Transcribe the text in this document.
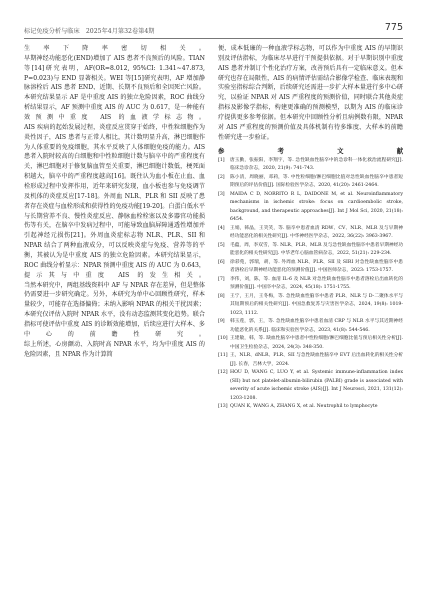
标记免疫分析与临床　2025年4月第32卷第4期	775

生率下降率密切相关。

早期神经功能恶化(END)增加了 AIS 患者不良预后的风险。TIAN 等[14]研究表明，AF(OR=8.012, 95%CI: 1.341~47.873, P=0.023)与 END 显著相关。WEI 等[15]研究表明，AF 增加静脉溶栓后 AIS 患者 END、近期、长期不良预后和全因死亡风险。本研究结果显示 AF 是中重度 AIS 的独立危险因素，ROC 曲线分析结果显示，AF 预测中重度 AIS 的 AUC 为 0.617，是一种能有效预测中重度 AIS 的血液学标志物。

AIS 疾病的起始发展过程，炎症反应贯穿于始终，中性粒细胞作为炎性因子，AIS 患者与正常人相比，其计数明显升高，淋巴细胞作为人体重要的免疫细胞，其水平反映了人体细胞免疫的能力。AIS 患者入院时较高的白细胞和中性粒细胞计数与脑卒中的严重程度有关，淋巴细胞对于修复脑血管至关重要，淋巴细胞计数低，梗死面积越大，脑卒中的严重程度越高[16]。既往认为血小板在止血、血栓形成过程中发挥作用，近年来研究发现，血小板也参与免疫调节及机体的炎症反应[17-18]。外周血 NLR、PLR 和 SII 反映了患者存在炎症与血栓形成和获得性的免疫功能[19-20]。白蛋白低水平与长期营养不良、慢性炎症反应、静脉血栓栓塞以及多器官功能损伤等有关，在脑卒中发病过程中，可能导致血脑屏障通透性增加并引起神经元损伤[21]。外周血炎症标志物 NLR、PLR、SII 和 NPAR 结合了两种血液成分，可以反映炎症与免疫、营养等的平衡，其被认为是中重度 AIS 的独立危险因素。本研究结果显示，ROC 曲线分析显示：NPAR 预测中重度 AIS 的 AUC 为 0.643，提示其与中重度 AIS 的发生相关。

当然本研究中，两组基线资料中 AF 与 NPAR 存在差异，但是整体仍需要进一步研究确定。另外，本研究为单中心回顾性研究，样本量较少，可能存在选择偏倚；未纳入影响 NPAR 的相关干扰因素；本研究仅评估入院时 NPAR 水平，没有动态监测其变化趋势。联合指标可使评估中重度 AIS 的诊断效能增加，后续应进行大样本、多中心的前瞻性研究。

综上所述，心房颤动、入院时高 NPAR 水平，均为中重度 AIS 的危险因素，且 NPAR 作为计算简

便、成本低廉的一种血液学标志物，可以作为中重度 AIS 的早期识别及评估指标，为临床尽早进行干预提供依据。对于早期识别中重度 AIS 患者并制订个性化治疗方案，改善预后具有一定临床意义。但本研究也存在局限性，AIS 的病情评估需结合影像学检查、临床表现和实验室指标综合判断，后续研究还需进一步扩大样本量进行多中心研究，以验证 NPAR 对 AIS 严重程度的预测价值，同时联合其他炎症指标及影像学指标，构建更准确的预测模型，以期为 AIS 的临床诊疗提供更多参考依据。但本研究中回顾性分析且病例数有限，NPAR 对 AIS 严重程度的预测价值及具体机制有待多维度、大样本的前瞻性研究进一步验证。

参考文献
[1]	唐玉勤，张振阳，李翔宇，等. 急性缺血性脑卒中的急诊科一体化救治流程研究[J]. 临床急诊杂志，2020, 21(9): 741-743.
[2]	陈小清，周晓丽，邓莉，等. 中性粒细胞/淋巴细胞比值对急性缺血性脑卒中患者短期预后的评估价值[J]. 国际检验医学杂志，2020, 41(20): 2461-2464.
[3]	MAIDA C D, NORRITO R L, DAIDONE M, et al. Neuroinflammatory mechanisms in ischemic stroke: focus on cardioembolic stroke, background, and therapeutic approaches[J]. Int J Mol Sci, 2020, 21(18): 6454.
[4]	王娟，韩晶，王笑笑，等. 脑卒中患者血清 RDW、CV、NLR、MLR 及与早期神经功能恶化的相关性研究[J]. 中华神经医学杂志，2022, 36(22): 3963-3967.
[5]	毛蕴，周，李双雪，等. NLR、PLR、MLR 及与急性缺血性脑卒中患者早期神经功能恶化的相关性研究[J]. 中华老年心脑血管病杂志，2022, 51(21): 229-234.
[6]	徐彩苑，郭瑞，胡，等. 外周血 NLR、PLR、SII 及 SIRI 对急性缺血性脑卒中患者溶栓后早期神经功能恶化的预测价值[J]. 中国医师杂志，2023: 1753-1757.
[7]	李伟，刘，陈，等. 血清 IL-6 及 NLR 对急性缺血性脑卒中患者溶栓后出血转化的预测价值[J]. 中国卒中杂志，2024, 45(18): 1751-1755.
[8]	王宁，王月，王冬梅，等. 急性缺血性脑卒中患者 PLR、NLR 与 D-二聚体水平与其短期预后的相关性研究[J]. 中国急救复苏与灾害医学杂志，2024, 19(8): 1019-1023, 1112.
[9]	韩玉莲，郭，王，等. 急性缺血性脑卒中患者血清 CRP 与 NLR 水平与其近期神经功能恶化的关系[J]. 临床和实验医学杂志，2023, 41(8): 544-546.
[10] 王建敏，韩，等. 缺血性脑卒中患者中性粒细胞/淋巴细胞比值与预后相关性分析[J]. 中国卫生检验杂志，2024, 24(3): 348-350.
[11] 王，NLR、dNLR、PLR、SII 与急性缺血性脑卒中 EVT 后出血转化的相关性分析[J]. 长春，吉林大学，2024.
[12] HOU D, WANG C, LUO Y, et al. Systemic immune-inflammation index (SII) but not platelet-albumin-bilirubin (PALBI) grade is associated with severity of acute ischemic stroke (AIS)[J]. Int J Neurosci, 2021, 131(12): 1203-1208.
[13] QUAN K, WANG A, ZHANG X, et al. Neutrophil to lymphocyte
